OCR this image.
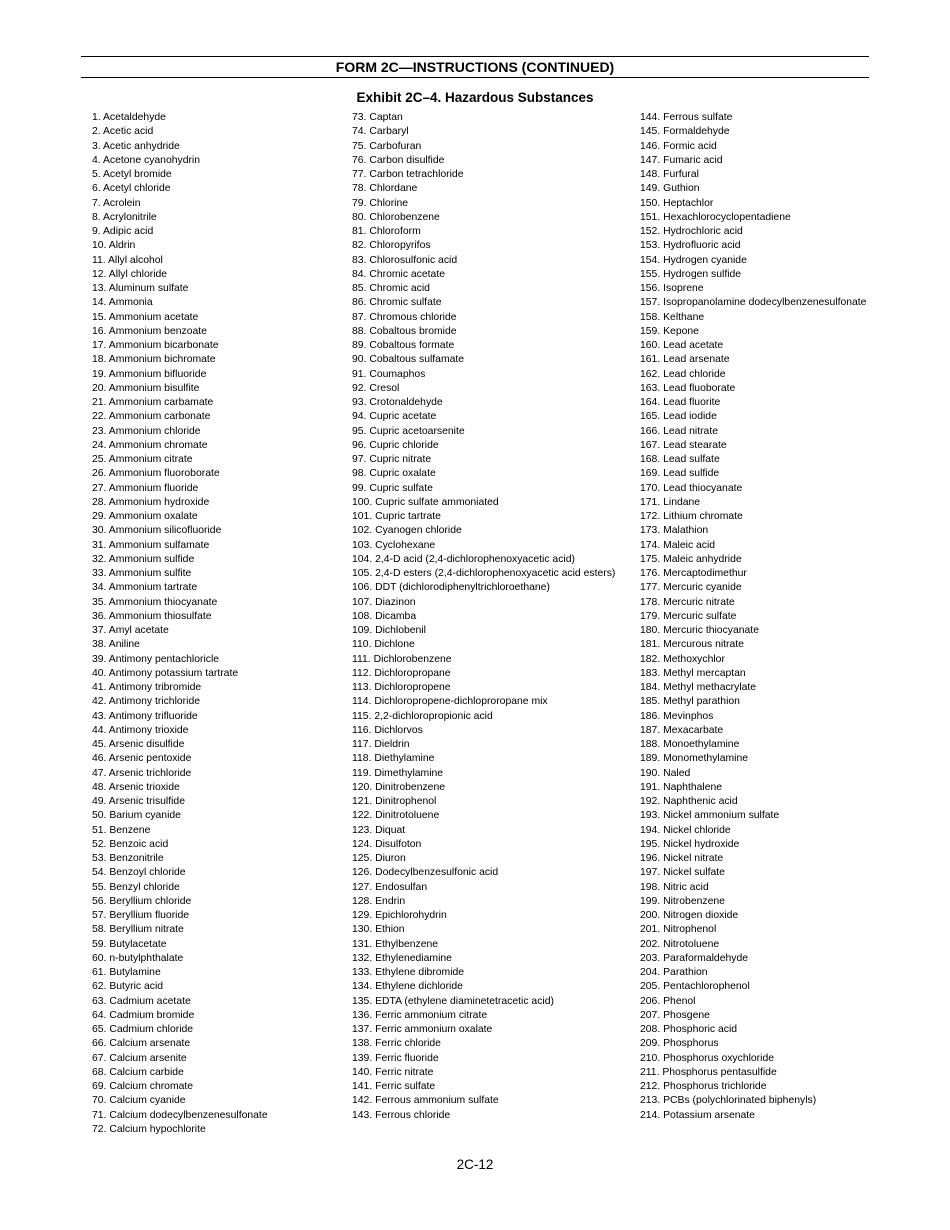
FORM 2C—INSTRUCTIONS (CONTINUED)
Exhibit 2C–4. Hazardous Substances
1. Acetaldehyde
2. Acetic acid
3. Acetic anhydride
4. Acetone cyanohydrin
5. Acetyl bromide
6. Acetyl chloride
7. Acrolein
8. Acrylonitrile
9. Adipic acid
10. Aldrin
11. Allyl alcohol
12. Allyl chloride
13. Aluminum sulfate
14. Ammonia
15. Ammonium acetate
16. Ammonium benzoate
17. Ammonium bicarbonate
18. Ammonium bichromate
19. Ammonium bifluoride
20. Ammonium bisulfite
21. Ammonium carbamate
22. Ammonium carbonate
23. Ammonium chloride
24. Ammonium chromate
25. Ammonium citrate
26. Ammonium fluoroborate
27. Ammonium fluoride
28. Ammonium hydroxide
29. Ammonium oxalate
30. Ammonium silicofluoride
31. Ammonium sulfamate
32. Ammonium sulfide
33. Ammonium sulfite
34. Ammonium tartrate
35. Ammonium thiocyanate
36. Ammonium thiosulfate
37. Amyl acetate
38. Aniline
39. Antimony pentachloricle
40. Antimony potassium tartrate
41. Antimony tribromide
42. Antimony trichloride
43. Antimony trifluoride
44. Antimony trioxide
45. Arsenic disulfide
46. Arsenic pentoxide
47. Arsenic trichloride
48. Arsenic trioxide
49. Arsenic trisulfide
50. Barium cyanide
51. Benzene
52. Benzoic acid
53. Benzonitrile
54. Benzoyl chloride
55. Benzyl chloride
56. Beryllium chloride
57. Beryllium fluoride
58. Beryllium nitrate
59. Butylacetate
60. n-butylphthalate
61. Butylamine
62. Butyric acid
63. Cadmium acetate
64. Cadmium bromide
65. Cadmium chloride
66. Calcium arsenate
67. Calcium arsenite
68. Calcium carbide
69. Calcium chromate
70. Calcium cyanide
71. Calcium dodecylbenzenesulfonate
72. Calcium hypochlorite
73. Captan
74. Carbaryl
75. Carbofuran
76. Carbon disulfide
77. Carbon tetrachloride
78. Chlordane
79. Chlorine
80. Chlorobenzene
81. Chloroform
82. Chloropyrifos
83. Chlorosulfonic acid
84. Chromic acetate
85. Chromic acid
86. Chromic sulfate
87. Chromous chloride
88. Cobaltous bromide
89. Cobaltous formate
90. Cobaltous sulfamate
91. Coumaphos
92. Cresol
93. Crotonaldehyde
94. Cupric acetate
95. Cupric acetoarsenite
96. Cupric chloride
97. Cupric nitrate
98. Cupric oxalate
99. Cupric sulfate
100. Cupric sulfate ammoniated
101. Cupric tartrate
102. Cyanogen chloride
103. Cyclohexane
104. 2,4-D acid (2,4-dichlorophenoxyacetic acid)
105. 2,4-D esters (2,4-dichlorophenoxyacetic acid esters)
106. DDT (dichlorodiphenyltrichloroethane)
107. Diazinon
108. Dicamba
109. Dichlobenil
110. Dichlone
111. Dichlorobenzene
112. Dichloropropane
113. Dichloropropene
114. Dichloropropene-dichloproropane mix
115. 2,2-dichloropropionic acid
116. Dichlorvos
117. Dieldrin
118. Diethylamine
119. Dimethylamine
120. Dinitrobenzene
121. Dinitrophenol
122. Dinitrotoluene
123. Diquat
124. Disulfoton
125. Diuron
126. Dodecylbenzesulfonic acid
127. Endosulfan
128. Endrin
129. Epichlorohydrin
130. Ethion
131. Ethylbenzene
132. Ethylenediamine
133. Ethylene dibromide
134. Ethylene dichloride
135. EDTA (ethylene diaminetetracetic acid)
136. Ferric ammonium citrate
137. Ferric ammonium oxalate
138. Ferric chloride
139. Ferric fluoride
140. Ferric nitrate
141. Ferric sulfate
142. Ferrous ammonium sulfate
143. Ferrous chloride
144. Ferrous sulfate
145. Formaldehyde
146. Formic acid
147. Fumaric acid
148. Furfural
149. Guthion
150. Heptachlor
151. Hexachlorocyclopentadiene
152. Hydrochloric acid
153. Hydrofluoric acid
154. Hydrogen cyanide
155. Hydrogen sulfide
156. Isoprene
157. Isopropanolamine dodecylbenzenesulfonate
158. Kelthane
159. Kepone
160. Lead acetate
161. Lead arsenate
162. Lead chloride
163. Lead fluoborate
164. Lead fluorite
165. Lead iodide
166. Lead nitrate
167. Lead stearate
168. Lead sulfate
169. Lead sulfide
170. Lead thiocyanate
171. Lindane
172. Lithium chromate
173. Malathion
174. Maleic acid
175. Maleic anhydride
176. Mercaptodimethur
177. Mercuric cyanide
178. Mercuric nitrate
179. Mercuric sulfate
180. Mercuric thiocyanate
181. Mercurous nitrate
182. Methoxychlor
183. Methyl mercaptan
184. Methyl methacrylate
185. Methyl parathion
186. Mevinphos
187. Mexacarbate
188. Monoethylamine
189. Monomethylamine
190. Naled
191. Naphthalene
192. Naphthenic acid
193. Nickel ammonium sulfate
194. Nickel chloride
195. Nickel hydroxide
196. Nickel nitrate
197. Nickel sulfate
198. Nitric acid
199. Nitrobenzene
200. Nitrogen dioxide
201. Nitrophenol
202. Nitrotoluene
203. Paraformaldehyde
204. Parathion
205. Pentachlorophenol
206. Phenol
207. Phosgene
208. Phosphoric acid
209. Phosphorus
210. Phosphorus oxychloride
211. Phosphorus pentasulfide
212. Phosphorus trichloride
213. PCBs (polychlorinated biphenyls)
214. Potassium arsenate
2C-12
